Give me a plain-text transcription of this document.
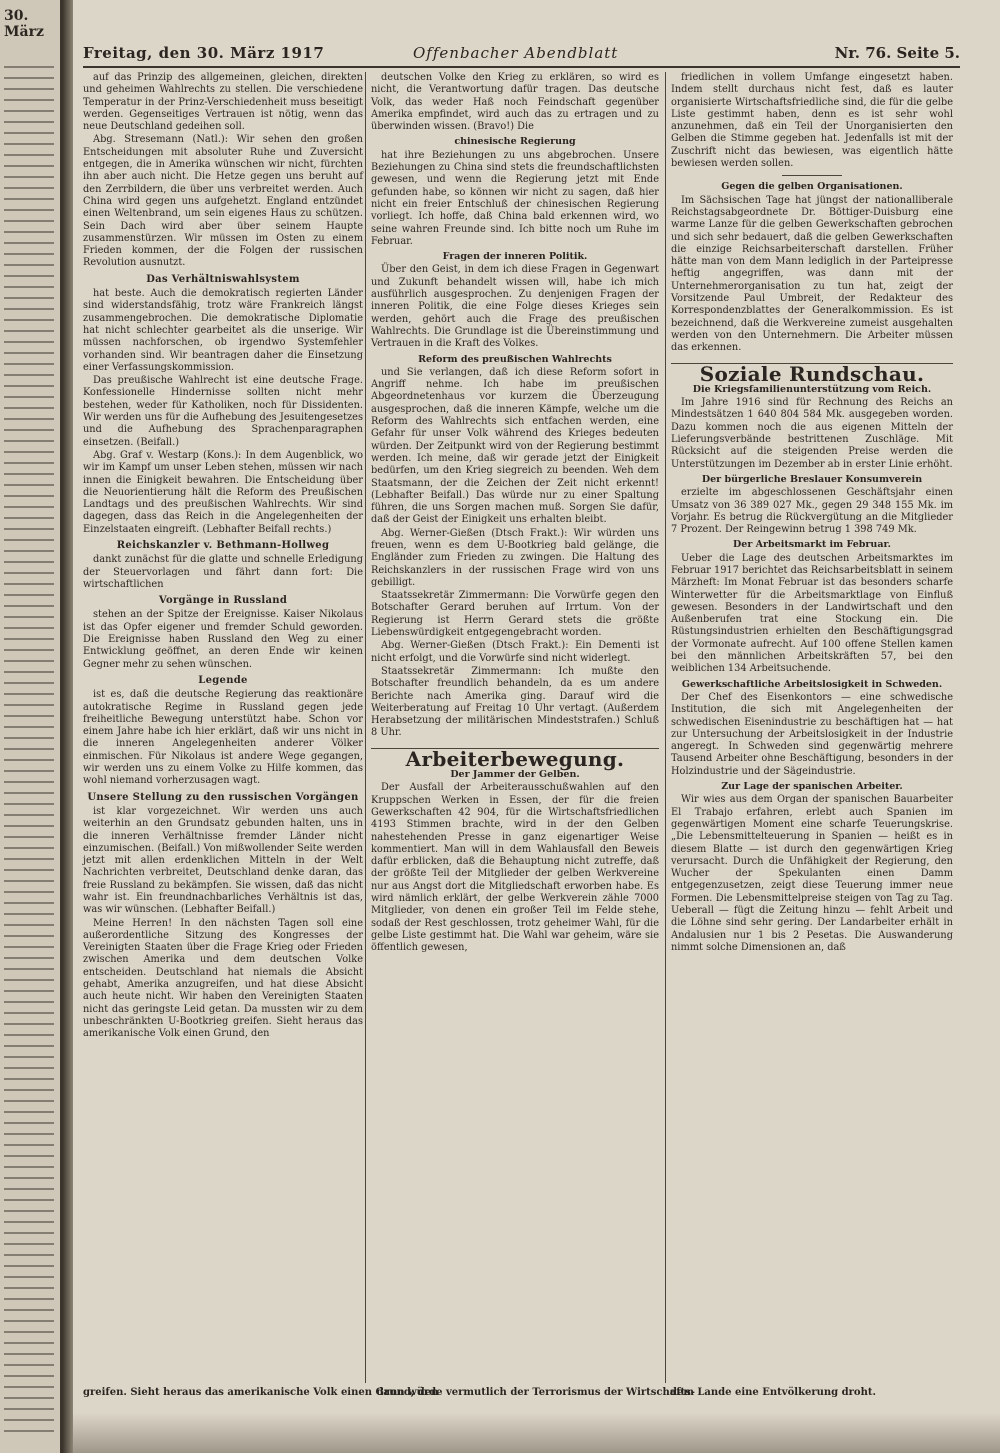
30. März
Freitag, den 30. März 1917	Offenbacher Abendblatt	Nr. 76. Seite 5.

auf das Prinzip des allgemeinen, gleichen, direkten und geheimen Wahlrechts zu stellen. Die verschiedene Temperatur in der Prinz-Verschiedenheit muss beseitigt werden. Gegenseitiges Vertrauen ist nötig, wenn das neue Deutschland gedeihen soll.

Abg. Stresemann (Natl.): Wir sehen den großen Entscheidungen mit absoluter Ruhe und Zuversicht entgegen, die in Amerika wünschen wir nicht, fürchten ihn aber auch nicht. Die Hetze gegen uns beruht auf den Zerrbildern, die über uns verbreitet werden. Auch China wird gegen uns aufgehetzt. England entzündet einen Weltenbrand, um sein eigenes Haus zu schützen. Sein Dach wird aber über seinem Haupte zusammenstürzen. Wir müssen im Osten zu einem Frieden kommen, der die Folgen der russischen Revolution ausnutzt.

Das Verhältniswahlsystem

hat beste. Auch die demokratisch regierten Länder sind widerstandsfähig, trotz wäre Frankreich längst zusammengebrochen. Die demokratische Diplomatie hat nicht schlechter gearbeitet als die unserige. Wir müssen nachforschen, ob irgendwo Systemfehler vorhanden sind. Wir beantragen daher die Einsetzung einer Verfassungskommission.

Das preußische Wahlrecht ist eine deutsche Frage. Konfessionelle Hindernisse sollten nicht mehr bestehen, weder für Katholiken, noch für Dissidenten. Wir werden uns für die Aufhebung des Jesuitengesetzes und die Aufhebung des Sprachenparagraphen einsetzen. (Beifall.)

Abg. Graf v. Westarp (Kons.): In dem Augenblick, wo wir im Kampf um unser Leben stehen, müssen wir nach innen die Einigkeit bewahren. Die Entscheidung über die Neuorientierung hält die Reform des Preußischen Landtags und des preußischen Wahlrechts. Wir sind dagegen, dass das Reich in die Angelegenheiten der Einzelstaaten eingreift. (Lebhafter Beifall rechts.)

Reichskanzler v. Bethmann-Hollweg

dankt zunächst für die glatte und schnelle Erledigung der Steuervorlagen und fährt dann fort: Die wirtschaftlichen

Vorgänge in Russland

stehen an der Spitze der Ereignisse. Kaiser Nikolaus ist das Opfer eigener und fremder Schuld geworden. Die Ereignisse haben Russland den Weg zu einer Entwicklung geöffnet, an deren Ende wir keinen Gegner mehr zu sehen wünschen.

Legende

ist es, daß die deutsche Regierung das reaktionäre autokratische Regime in Russland gegen jede freiheitliche Bewegung unterstützt habe. Schon vor einem Jahre habe ich hier erklärt, daß wir uns nicht in die inneren Angelegenheiten anderer Völker einmischen. Für Nikolaus ist andere Wege gegangen, wir werden uns zu einem Volke zu Hilfe kommen, das wohl niemand vorherzusagen wagt.

Unsere Stellung zu den russischen Vorgängen

ist klar vorgezeichnet. Wir werden uns auch weiterhin an den Grundsatz gebunden halten, uns in die inneren Verhältnisse fremder Länder nicht einzumischen. (Beifall.) Von mißwollender Seite werden jetzt mit allen erdenklichen Mitteln in der Welt Nachrichten verbreitet, Deutschland denke daran, das freie Russland zu bekämpfen. Sie wissen, daß das nicht wahr ist. Ein freundnachbarliches Verhältnis ist das, was wir wünschen. (Lebhafter Beifall.)

Meine Herren! In den nächsten Tagen soll eine außerordentliche Sitzung des Kongresses der Vereinigten Staaten über die Frage Krieg oder Frieden zwischen Amerika und dem deutschen Volke entscheiden. Deutschland hat niemals die Absicht gehabt, Amerika anzugreifen, und hat diese Absicht auch heute nicht. Wir haben den Vereinigten Staaten nicht das geringste Leid getan. Da mussten wir zu dem unbeschränkten U-Bootkrieg greifen. Sieht heraus das amerikanische Volk einen Grund, den

deutschen Volke den Krieg zu erklären, so wird es nicht, die Verantwortung dafür tragen. Das deutsche Volk, das weder Haß noch Feindschaft gegenüber Amerika empfindet, wird auch das zu ertragen und zu überwinden wissen. (Bravo!) Die

chinesische Regierung

hat ihre Beziehungen zu uns abgebrochen. Unsere Beziehungen zu China sind stets die freundschaftlichsten gewesen, und wenn die Regierung jetzt mit Ende gefunden habe, so können wir nicht zu sagen, daß hier nicht ein freier Entschluß der chinesischen Regierung vorliegt. Ich hoffe, daß China bald erkennen wird, wo seine wahren Freunde sind. Ich bitte noch um Ruhe im Februar.

Fragen der inneren Politik.

Über den Geist, in dem ich diese Fragen in Gegenwart und Zukunft behandelt wissen will, habe ich mich ausführlich ausgesprochen. Zu denjenigen Fragen der inneren Politik, die eine Folge dieses Krieges sein werden, gehört auch die Frage des preußischen Wahlrechts. Die Grundlage ist die Übereinstimmung und Vertrauen in die Kraft des Volkes.

Reform des preußischen Wahlrechts

und Sie verlangen, daß ich diese Reform sofort in Angriff nehme. Ich habe im preußischen Abgeordnetenhaus vor kurzem die Überzeugung ausgesprochen, daß die inneren Kämpfe, welche um die Reform des Wahlrechts sich entfachen werden, eine Gefahr für unser Volk während des Krieges bedeuten würden. Der Zeitpunkt wird von der Regierung bestimmt werden. Ich meine, daß wir gerade jetzt der Einigkeit bedürfen, um den Krieg siegreich zu beenden. Weh dem Staatsmann, der die Zeichen der Zeit nicht erkennt! (Lebhafter Beifall.) Das würde nur zu einer Spaltung führen, die uns Sorgen machen muß. Sorgen Sie dafür, daß der Geist der Einigkeit uns erhalten bleibt.

Abg. Werner-Gießen (Dtsch Frakt.): Wir würden uns freuen, wenn es dem U-Bootkrieg bald gelänge, die Engländer zum Frieden zu zwingen. Die Haltung des Reichskanzlers in der russischen Frage wird von uns gebilligt.

Staatssekretär Zimmermann: Die Vorwürfe gegen den Botschafter Gerard beruhen auf Irrtum. Von der Regierung ist Herrn Gerard stets die größte Liebenswürdigkeit entgegengebracht worden.

Abg. Werner-Gießen (Dtsch Frakt.): Ein Dementi ist nicht erfolgt, und die Vorwürfe sind nicht widerlegt.

Staatssekretär Zimmermann: Ich mußte den Botschafter freundlich behandeln, da es um andere Berichte nach Amerika ging. Darauf wird die Weiterberatung auf Freitag 10 Uhr vertagt. (Außerdem Herabsetzung der militärischen Mindeststrafen.) Schluß 8 Uhr.

Arbeiterbewegung.
Der Jammer der Gelben.

Der Ausfall der Arbeiterausschußwahlen auf den Kruppschen Werken in Essen, der für die freien Gewerkschaften 42 904, für die Wirtschaftsfriedlichen 4193 Stimmen brachte, wird in der den Gelben nahestehenden Presse in ganz eigenartiger Weise kommentiert. Man will in dem Wahlausfall den Beweis dafür erblicken, daß die Behauptung nicht zutreffe, daß der größte Teil der Mitglieder der gelben Werkvereine nur aus Angst dort die Mitgliedschaft erworben habe. Es wird nämlich erklärt, der gelbe Werkverein zähle 7000 Mitglieder, von denen ein großer Teil im Felde stehe, sodaß der Rest geschlossen, trotz geheimer Wahl, für die gelbe Liste gestimmt hat. Die Wahl war geheim, wäre sie öffentlich gewesen,

friedlichen in vollem Umfange eingesetzt haben. Indem stellt durchaus nicht fest, daß es lauter organisierte Wirtschaftsfriedliche sind, die für die gelbe Liste gestimmt haben, denn es ist sehr wohl anzunehmen, daß ein Teil der Unorganisierten den Gelben die Stimme gegeben hat. Jedenfalls ist mit der Zuschrift nicht das bewiesen, was eigentlich hätte bewiesen werden sollen.

Gegen die gelben Organisationen.

Im Sächsischen Tage hat jüngst der nationalliberale Reichstagsabgeordnete Dr. Böttiger-Duisburg eine warme Lanze für die gelben Gewerkschaften gebrochen und sich sehr bedauert, daß die gelben Gewerkschaften die einzige Reichsarbeiterschaft darstellen. Früher hätte man von dem Mann lediglich in der Parteipresse heftig angegriffen, was dann mit der Unternehmerorganisation zu tun hat, zeigt der Vorsitzende Paul Umbreit, der Redakteur des Korrespondenzblattes der Generalkommission. Es ist bezeichnend, daß die Werkvereine zumeist ausgehalten werden von den Unternehmern. Die Arbeiter müssen das erkennen.

Soziale Rundschau.
Die Kriegsfamilienunterstützung vom Reich.

Im Jahre 1916 sind für Rechnung des Reichs an Mindestsätzen 1 640 804 584 Mk. ausgegeben worden. Dazu kommen noch die aus eigenen Mitteln der Lieferungsverbände bestrittenen Zuschläge. Mit Rücksicht auf die steigenden Preise werden die Unterstützungen im Dezember ab in erster Linie erhöht.

Der bürgerliche Breslauer Konsumverein

erzielte im abgeschlossenen Geschäftsjahr einen Umsatz von 36 389 027 Mk., gegen 29 348 155 Mk. im Vorjahr. Es betrug die Rückvergütung an die Mitglieder 7 Prozent. Der Reingewinn betrug 1 398 749 Mk.

Der Arbeitsmarkt im Februar.

Ueber die Lage des deutschen Arbeitsmarktes im Februar 1917 berichtet das Reichsarbeitsblatt in seinem Märzheft: Im Monat Februar ist das besonders scharfe Winterwetter für die Arbeitsmarktlage von Einfluß gewesen. Besonders in der Landwirtschaft und den Außenberufen trat eine Stockung ein. Die Rüstungsindustrien erhielten den Beschäftigungsgrad der Vormonate aufrecht. Auf 100 offene Stellen kamen bei den männlichen Arbeitskräften 57, bei den weiblichen 134 Arbeitsuchende.

Gewerkschaftliche Arbeitslosigkeit in Schweden.

Der Chef des Eisenkontors — eine schwedische Institution, die sich mit Angelegenheiten der schwedischen Eisenindustrie zu beschäftigen hat — hat zur Untersuchung der Arbeitslosigkeit in der Industrie angeregt. In Schweden sind gegenwärtig mehrere Tausend Arbeiter ohne Beschäftigung, besonders in der Holzindustrie und der Sägeindustrie.

Zur Lage der spanischen Arbeiter.

Wir wies aus dem Organ der spanischen Bauarbeiter El Trabajo erfahren, erlebt auch Spanien im gegenwärtigen Moment eine scharfe Teuerungskrise. „Die Lebensmittelteuerung in Spanien — heißt es in diesem Blatte — ist durch den gegenwärtigen Krieg verursacht. Durch die Unfähigkeit der Regierung, den Wucher der Spekulanten einen Damm entgegenzusetzen, zeigt diese Teuerung immer neue Formen. Die Lebensmittelpreise steigen von Tag zu Tag. Ueberall — fügt die Zeitung hinzu — fehlt Arbeit und die Löhne sind sehr gering. Der Landarbeiter erhält in Andalusien nur 1 bis 2 Pesetas. Die Auswanderung nimmt solche Dimensionen an, daß

greifen. Sieht heraus das amerikanische Volk einen Grund, den dann würde vermutlich der Terrorismus der Wirtschafts- dem Lande eine Entvölkerung droht.
